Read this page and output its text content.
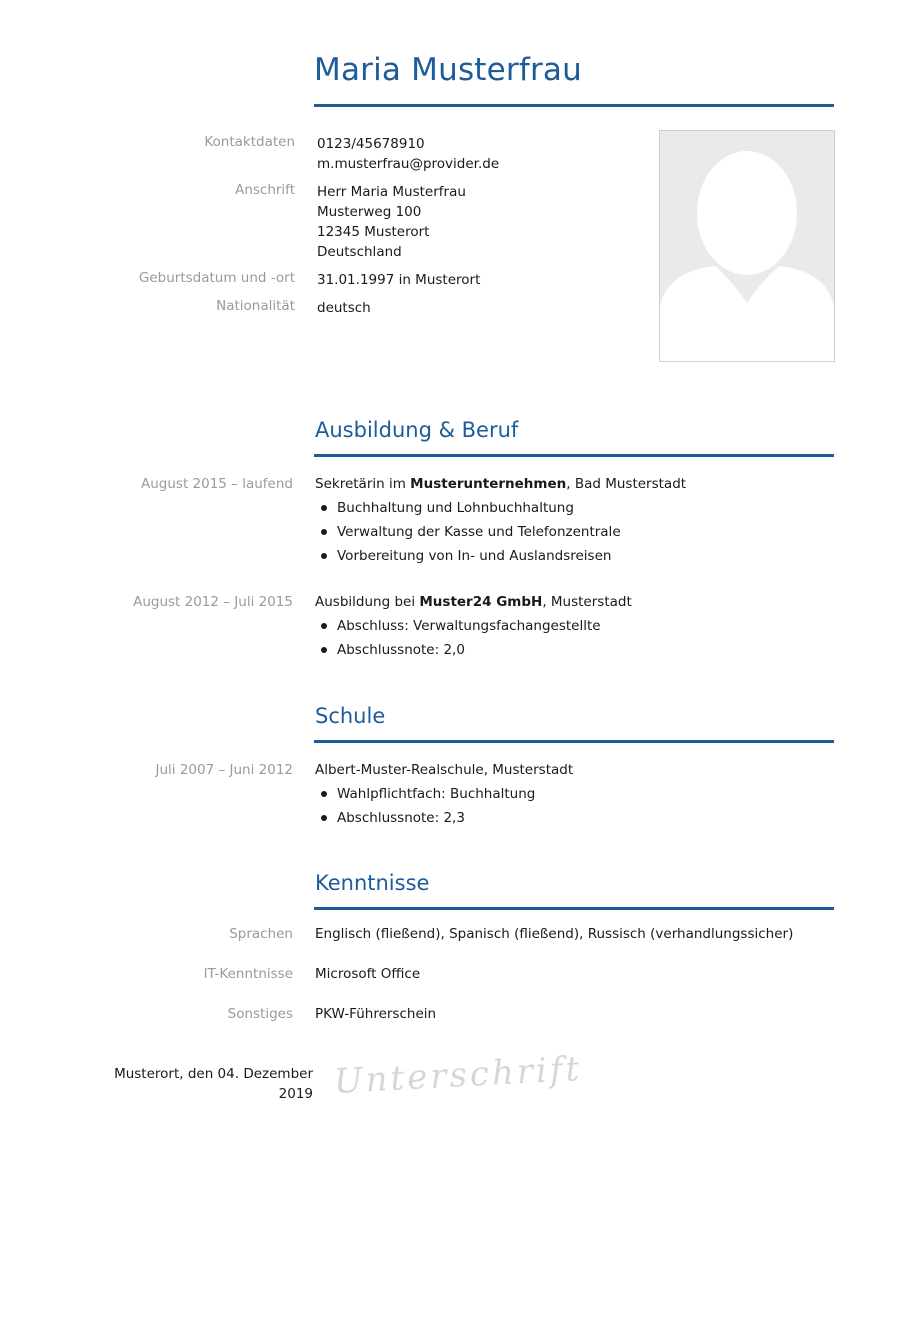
Maria Musterfrau
Kontaktdaten 0123/45678910
m.musterfrau@provider.de
Anschrift Herr Maria Musterfrau
Musterweg 100
12345 Musterort
Deutschland
Geburtsdatum und -ort 31.01.1997 in Musterort
Nationalität deutsch
Ausbildung & Beruf
August 2015 – laufend Sekretärin im Musterunternehmen, Bad Musterstadt
Buchhaltung und Lohnbuchhaltung
Verwaltung der Kasse und Telefonzentrale
Vorbereitung von In- und Auslandsreisen
August 2012 – Juli 2015 Ausbildung bei Muster24 GmbH, Musterstadt
Abschluss: Verwaltungsfachangestellte
Abschlussnote: 2,0
Schule
Juli 2007 – Juni 2012 Albert-Muster-Realschule, Musterstadt
Wahlpflichtfach: Buchhaltung
Abschlussnote: 2,3
Kenntnisse
Sprachen Englisch (fließend), Spanisch (fließend), Russisch (verhandlungssicher)
IT-Kenntnisse Microsoft Office
Sonstiges PKW-Führerschein
Musterort, den 04. Dezember
2019 Unterschrift
